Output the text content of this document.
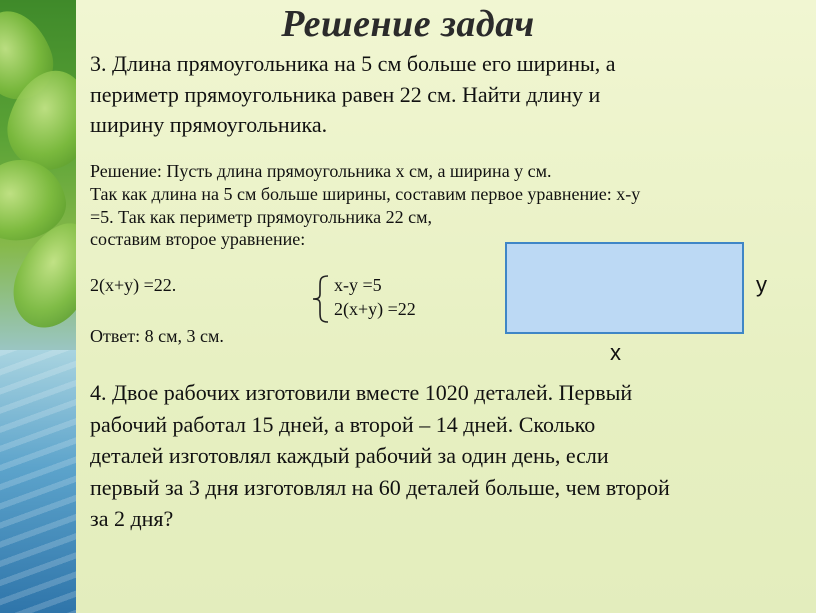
Решение задач
3. Длина прямоугольника на 5 см больше его ширины, а
периметр прямоугольника равен 22 см. Найти длину и
ширину прямоугольника.
Решение: Пусть длина прямоугольника х см, а ширина у см.
Так как длина на 5 см больше ширины, составим первое уравнение: х-у
=5. Так как периметр прямоугольника 22 см,
составим второе уравнение:
2(х+у) =22.	х-у =5
2(х+у) =22
Ответ: 8 см, 3 см.
у
х
4. Двое рабочих изготовили вместе 1020 деталей. Первый
рабочий работал 15 дней, а второй – 14 дней. Сколько
деталей изготовлял каждый рабочий за один день, если
первый за 3 дня изготовлял на 60 деталей больше, чем второй
за 2 дня?
